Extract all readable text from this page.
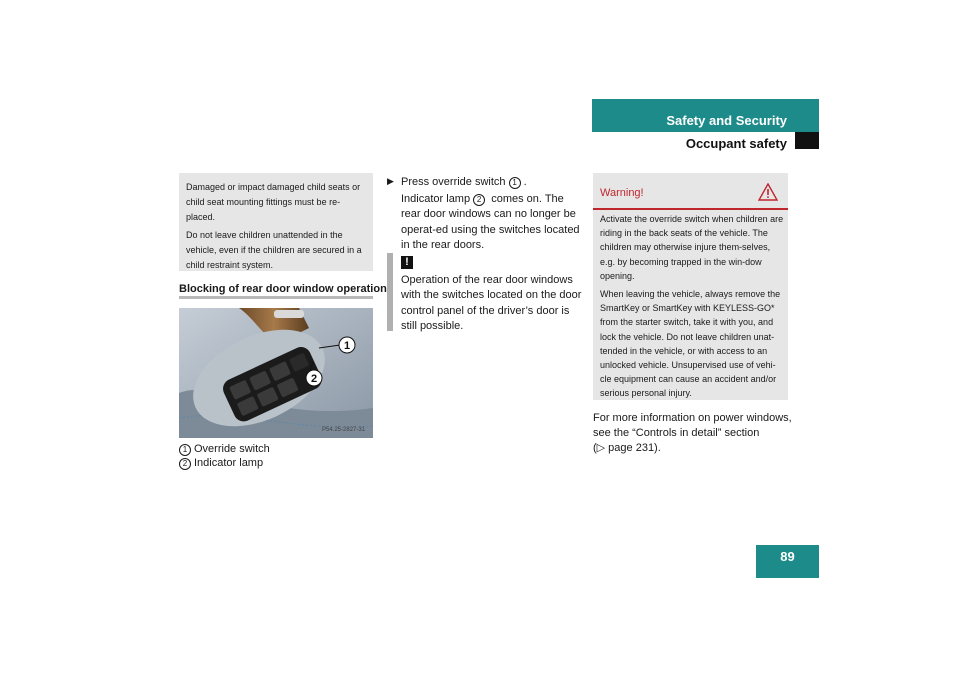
Safety and Security
Occupant safety

Damaged or impact damaged child seats or child seat mounting fittings must be re-placed.

Do not leave children unattended in the vehicle, even if the children are secured in a child restraint system.

Blocking of rear door window operation
1
2
P54.25-2827-31
1 Override switch
2 Indicator lamp
▶ Press override switch 1 .
Indicator lamp 2 comes on. The rear door windows can no longer be operat-ed using the switches located in the rear doors.
!
Operation of the rear door windows with the switches located on the door control panel of the driver’s door is still possible.
Warning!

Activate the override switch when children are riding in the back seats of the vehicle. The children may otherwise injure them-selves, e.g. by becoming trapped in the win-dow opening.

When leaving the vehicle, always remove the SmartKey or SmartKey with KEYLESS-GO* from the starter switch, take it with you, and lock the vehicle. Do not leave children unat-tended in the vehicle, or with access to an unlocked vehicle. Unsupervised use of vehi-cle equipment can cause an accident and/or serious personal injury.

For more information on power windows,
see the “Controls in detail” section
(▷ page 231).
89
